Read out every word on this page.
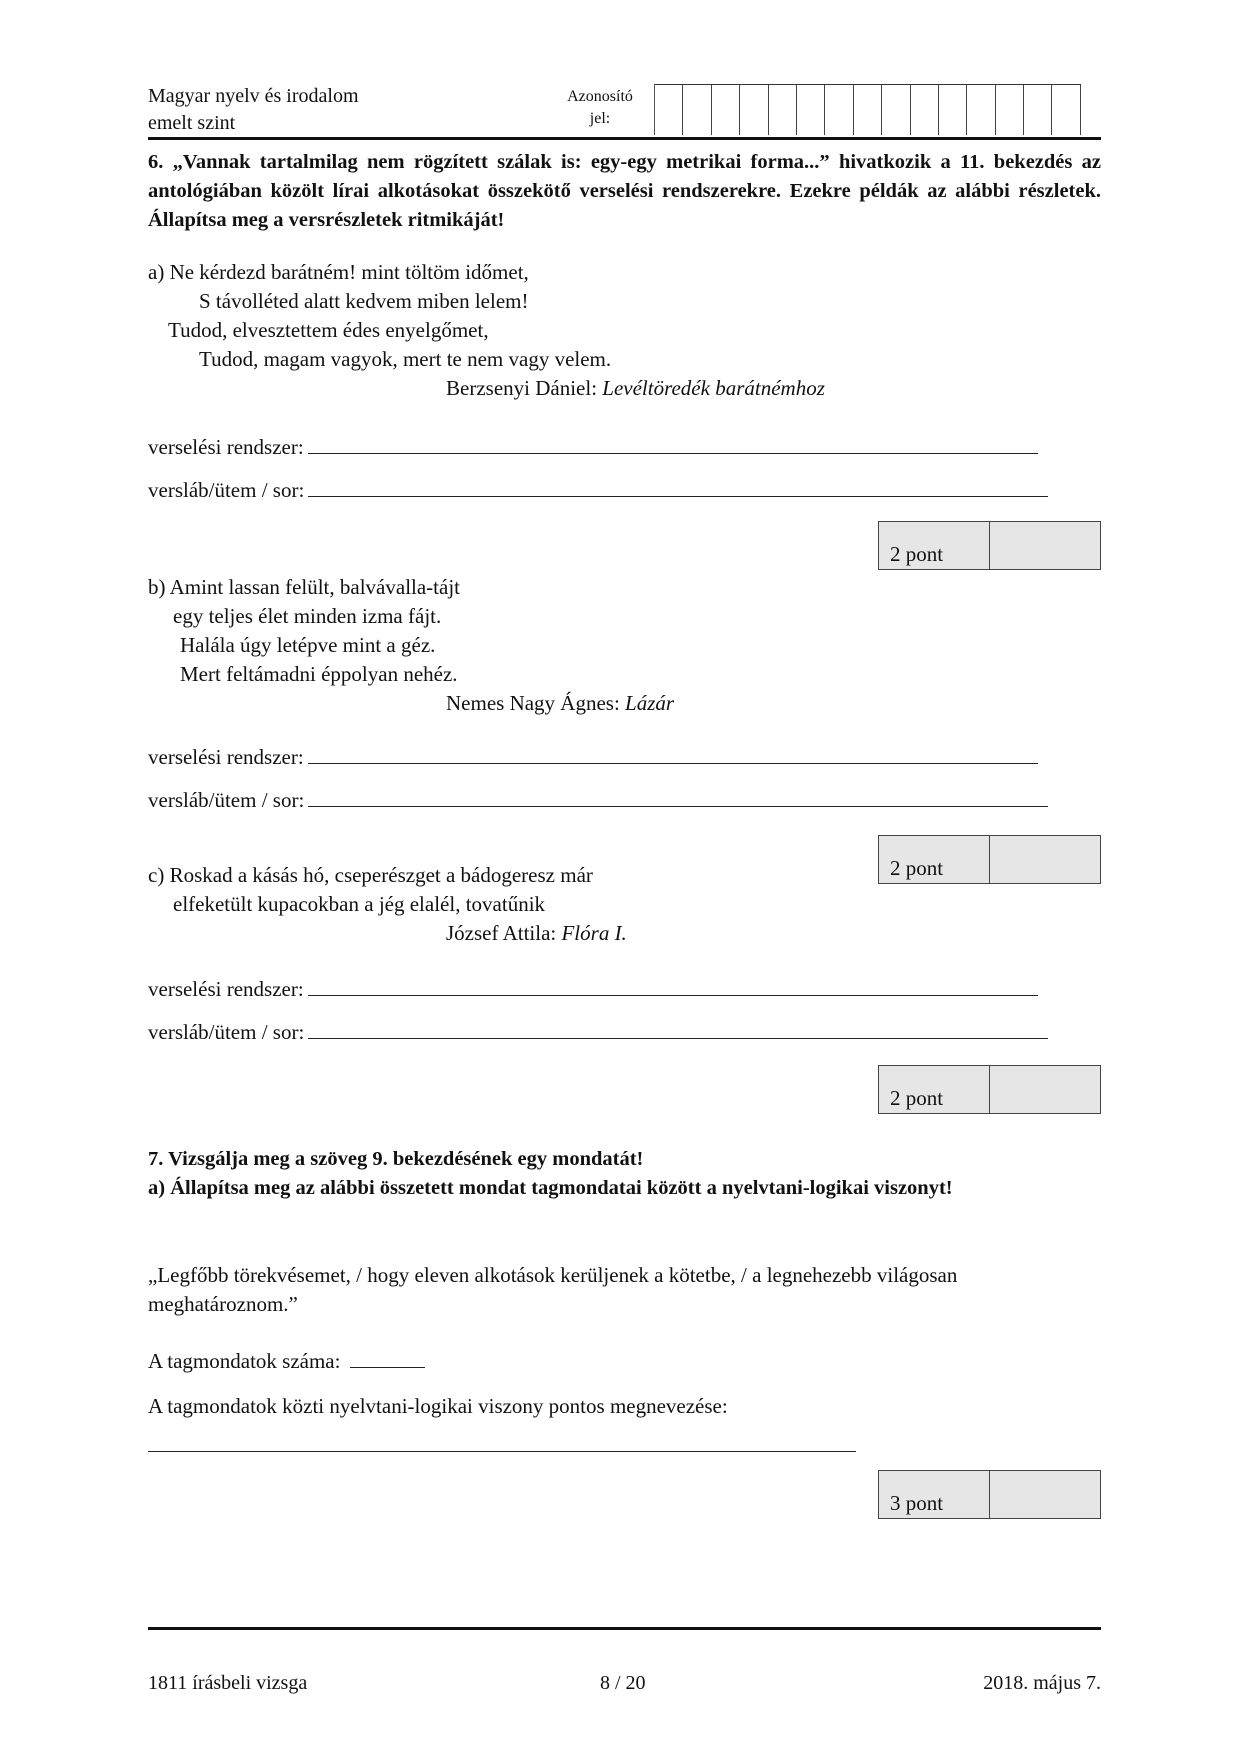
Magyar nyelv és irodalom
emelt szint
Azonosító
jel:
6. „Vannak tartalmilag nem rögzített szálak is: egy-egy metrikai forma...” hivatkozik a 11. bekezdés az antológiában közölt lírai alkotásokat összekötő verselési rendszerekre. Ezekre példák az alábbi részletek. Állapítsa meg a versrészletek ritmikáját!
a) Ne kérdezd barátném! mint töltöm időmet,
S távolléted alatt kedvem miben lelem!
Tudod, elvesztettem édes enyelgőmet,
Tudod, magam vagyok, mert te nem vagy velem.
Berzsenyi Dániel: Levéltöredék barátnémhoz
verselési rendszer:
versláb/ütem / sor:
2 pont
b) Amint lassan felült, balvávalla-tájt
egy teljes élet minden izma fájt.
Halála úgy letépve mint a géz.
Mert feltámadni éppolyan nehéz.
Nemes Nagy Ágnes: Lázár
verselési rendszer:
versláb/ütem / sor:
2 pont
c) Roskad a kásás hó, cseperészget a bádogeresz már
elfeketült kupacokban a jég elalél, tovatűnik
József Attila: Flóra I.
verselési rendszer:
versláb/ütem / sor:
2 pont
7. Vizsgálja meg a szöveg 9. bekezdésének egy mondatát!
a) Állapítsa meg az alábbi összetett mondat tagmondatai között a nyelvtani-logikai viszonyt!
„Legfőbb törekvésemet, / hogy eleven alkotások kerüljenek a kötetbe, / a legnehezebb világosan meghatároznom.”
A tagmondatok száma:
A tagmondatok közti nyelvtani-logikai viszony pontos megnevezése:
3 pont
1811 írásbeli vizsga	8 / 20	2018. május 7.
